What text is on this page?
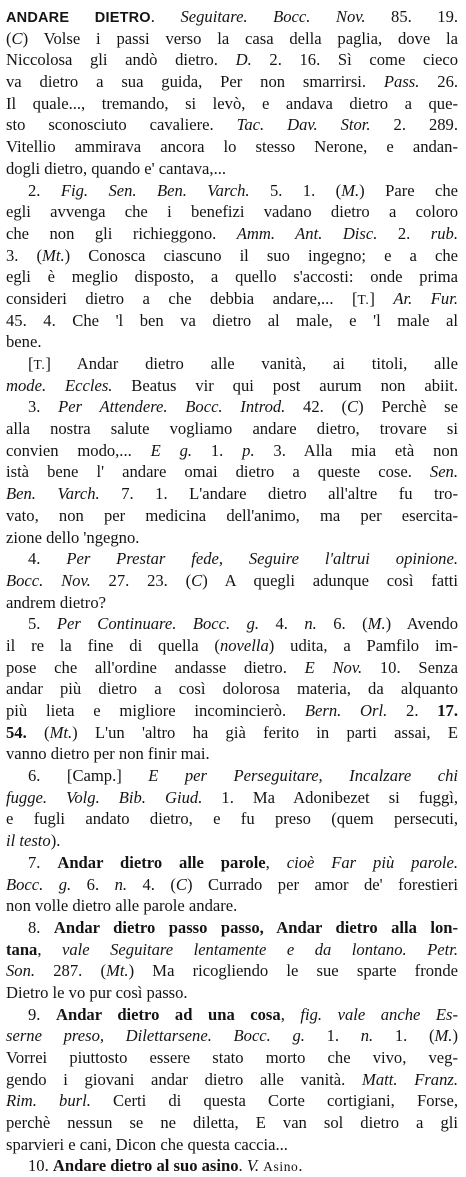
ANDARE DIETRO. Seguitare. Bocc. Nov. 85. 19.
(C) Volse i passi verso la casa della paglia, dove la
Niccolosa gli andò dietro. D. 2. 16. Sì come cieco
va dietro a sua guida, Per non smarrirsi. Pass. 26.
Il quale..., tremando, si levò, e andava dietro a que-
sto sconosciuto cavaliere. Tac. Dav. Stor. 2. 289.
Vitellio ammirava ancora lo stesso Nerone, e andan-
dogli dietro, quando e' cantava,...
2. Fig. Sen. Ben. Varch. 5. 1. (M.) Pare che
egli avvenga che i benefizi vadano dietro a coloro
che non gli richieggono. Amm. Ant. Disc. 2. rub.
3. (Mt.) Conosca ciascuno il suo ingegno; e a che
egli è meglio disposto, a quello s'accosti: onde prima
consideri dietro a che debbia andare,... [T.] Ar. Fur.
45. 4. Che 'l ben va dietro al male, e 'l male al
bene.
[T.] Andar dietro alle vanità, ai titoli, alle
mode. Eccles. Beatus vir qui post aurum non abiit.
3. Per Attendere. Bocc. Introd. 42. (C) Perchè se
alla nostra salute vogliamo andare dietro, trovare si
convien modo,... E g. 1. p. 3. Alla mia età non
istà bene l' andare omai dietro a queste cose. Sen.
Ben. Varch. 7. 1. L'andare dietro all'altre fu tro-
vato, non per medicina dell'animo, ma per esercita-
zione dello 'ngegno.
4. Per Prestar fede, Seguire l'altrui opinione.
Bocc. Nov. 27. 23. (C) A quegli adunque così fatti
andrem dietro?
5. Per Continuare. Bocc. g. 4. n. 6. (M.) Avendo
il re la fine di quella (novella) udita, a Pamfilo im-
pose che all'ordine andasse dietro. E Nov. 10. Senza
andar più dietro a così dolorosa materia, da alquanto
più lieta e migliore incomincierò. Bern. Orl. 2. 17.
54. (Mt.) L'un 'altro ha già ferito in parti assai, E
vanno dietro per non finir mai.
6. [Camp.] E per Perseguitare, Incalzare chi
fugge. Volg. Bib. Giud. 1. Ma Adonibezet si fuggì,
e fugli andato dietro, e fu preso (quem persecuti,
il testo).
7. Andar dietro alle parole, cioè Far più parole.
Bocc. g. 6. n. 4. (C) Currado per amor de' forestieri
non volle dietro alle parole andare.
8. Andar dietro passo passo, Andar dietro alla lon-
tana, vale Seguitare lentamente e da lontano. Petr.
Son. 287. (Mt.) Ma ricogliendo le sue sparte fronde
Dietro le vo pur così passo.
9. Andar dietro ad una cosa, fig. vale anche Es-
serne preso, Dilettarsene. Bocc. g. 1. n. 1. (M.)
Vorrei piuttosto essere stato morto che vivo, veg-
gendo i giovani andar dietro alle vanità. Matt. Franz.
Rim. burl. Certi di questa Corte cortigiani, Forse,
perchè nessun se ne diletta, E van sol dietro a gli
sparvieri e cani, Dicon che questa caccia...
10. Andare dietro al suo asino. V. Asino.
